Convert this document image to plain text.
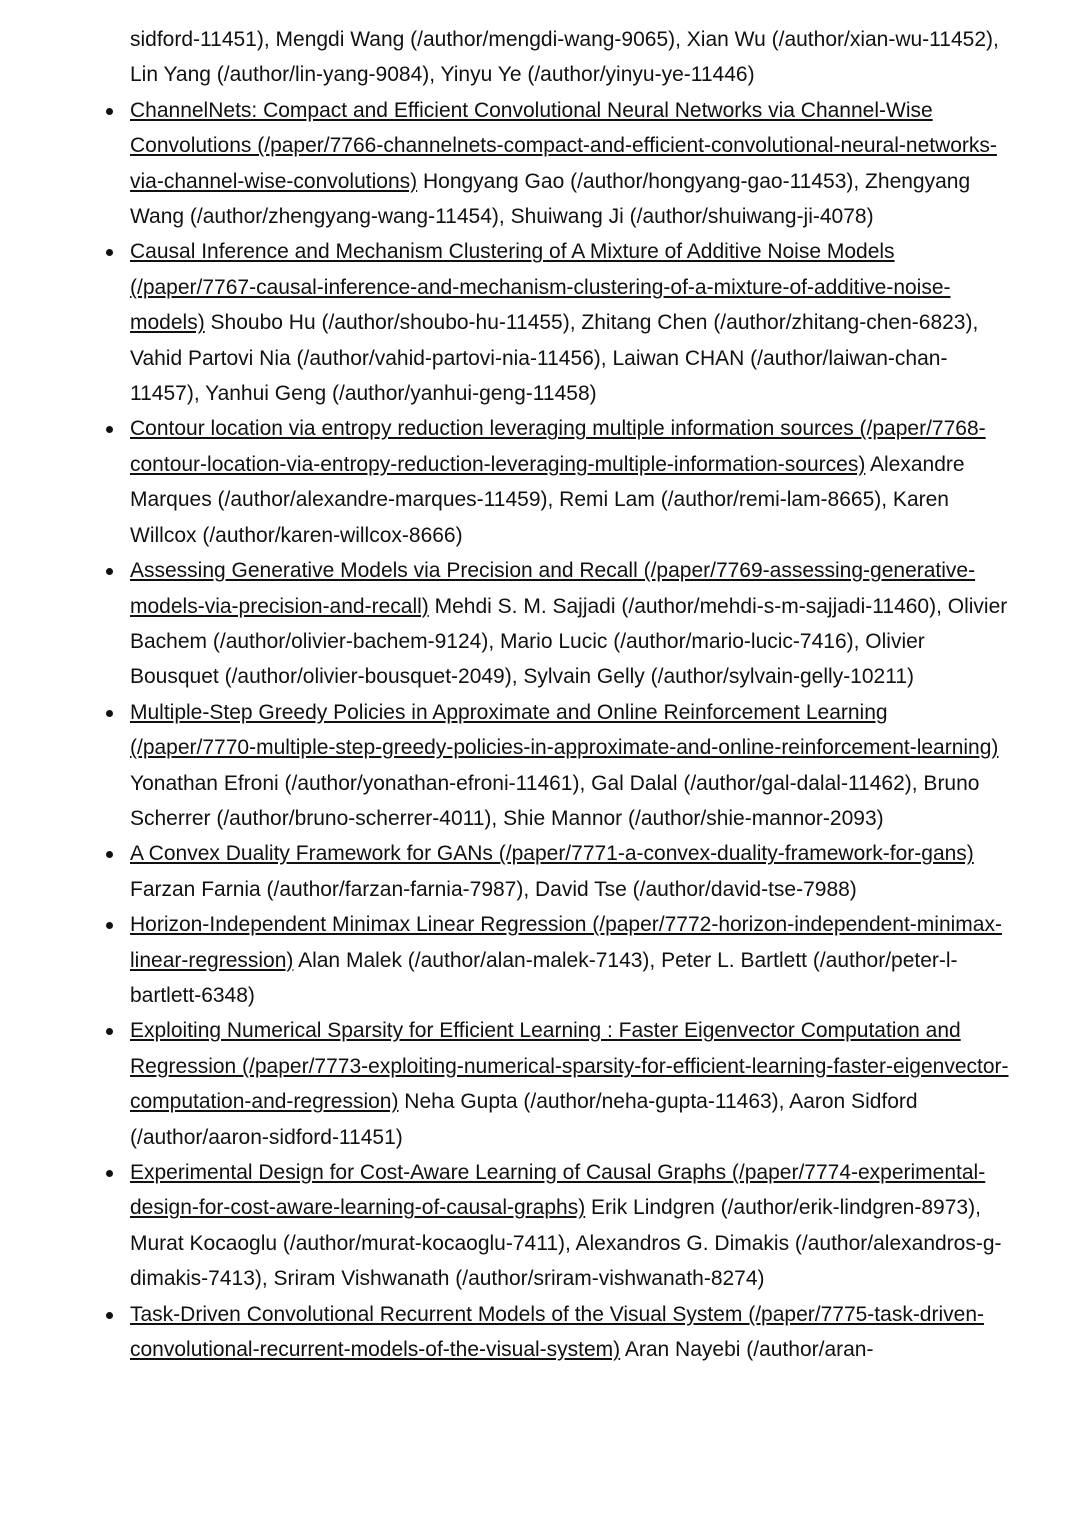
sidford-11451), Mengdi Wang (/author/mengdi-wang-9065), Xian Wu (/author/xian-wu-11452), Lin Yang (/author/lin-yang-9084), Yinyu Ye (/author/yinyu-ye-11446)

ChannelNets: Compact and Efficient Convolutional Neural Networks via Channel-Wise Convolutions (/paper/7766-channelnets-compact-and-efficient-convolutional-neural-networks-via-channel-wise-convolutions) Hongyang Gao (/author/hongyang-gao-11453), Zhengyang Wang (/author/zhengyang-wang-11454), Shuiwang Ji (/author/shuiwang-ji-4078)
Causal Inference and Mechanism Clustering of A Mixture of Additive Noise Models (/paper/7767-causal-inference-and-mechanism-clustering-of-a-mixture-of-additive-noise-models) Shoubo Hu (/author/shoubo-hu-11455), Zhitang Chen (/author/zhitang-chen-6823), Vahid Partovi Nia (/author/vahid-partovi-nia-11456), Laiwan CHAN (/author/laiwan-chan-11457), Yanhui Geng (/author/yanhui-geng-11458)
Contour location via entropy reduction leveraging multiple information sources (/paper/7768-contour-location-via-entropy-reduction-leveraging-multiple-information-sources) Alexandre Marques (/author/alexandre-marques-11459), Remi Lam (/author/remi-lam-8665), Karen Willcox (/author/karen-willcox-8666)
Assessing Generative Models via Precision and Recall (/paper/7769-assessing-generative-models-via-precision-and-recall) Mehdi S. M. Sajjadi (/author/mehdi-s-m-sajjadi-11460), Olivier Bachem (/author/olivier-bachem-9124), Mario Lucic (/author/mario-lucic-7416), Olivier Bousquet (/author/olivier-bousquet-2049), Sylvain Gelly (/author/sylvain-gelly-10211)
Multiple-Step Greedy Policies in Approximate and Online Reinforcement Learning (/paper/7770-multiple-step-greedy-policies-in-approximate-and-online-reinforcement-learning) Yonathan Efroni (/author/yonathan-efroni-11461), Gal Dalal (/author/gal-dalal-11462), Bruno Scherrer (/author/bruno-scherrer-4011), Shie Mannor (/author/shie-mannor-2093)
A Convex Duality Framework for GANs (/paper/7771-a-convex-duality-framework-for-gans) Farzan Farnia (/author/farzan-farnia-7987), David Tse (/author/david-tse-7988)
Horizon-Independent Minimax Linear Regression (/paper/7772-horizon-independent-minimax-linear-regression) Alan Malek (/author/alan-malek-7143), Peter L. Bartlett (/author/peter-l-bartlett-6348)
Exploiting Numerical Sparsity for Efficient Learning : Faster Eigenvector Computation and Regression (/paper/7773-exploiting-numerical-sparsity-for-efficient-learning-faster-eigenvector-computation-and-regression) Neha Gupta (/author/neha-gupta-11463), Aaron Sidford (/author/aaron-sidford-11451)
Experimental Design for Cost-Aware Learning of Causal Graphs (/paper/7774-experimental-design-for-cost-aware-learning-of-causal-graphs) Erik Lindgren (/author/erik-lindgren-8973), Murat Kocaoglu (/author/murat-kocaoglu-7411), Alexandros G. Dimakis (/author/alexandros-g-dimakis-7413), Sriram Vishwanath (/author/sriram-vishwanath-8274)
Task-Driven Convolutional Recurrent Models of the Visual System (/paper/7775-task-driven-convolutional-recurrent-models-of-the-visual-system) Aran Nayebi (/author/aran-
